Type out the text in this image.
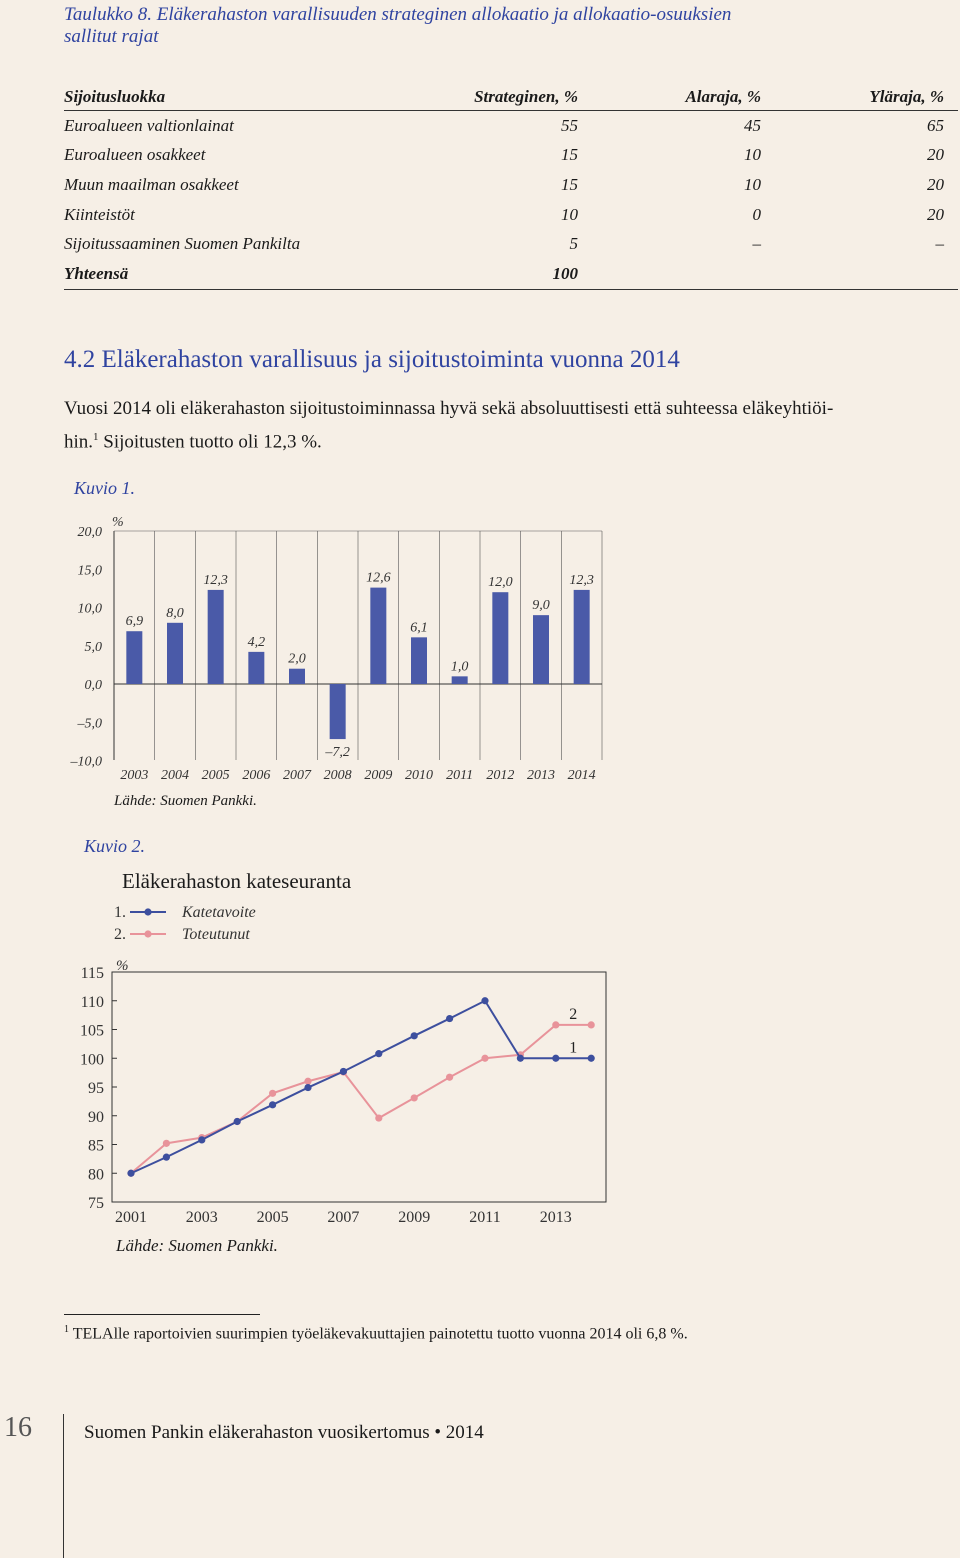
Taulukko 8. Eläkerahaston varallisuuden strateginen allokaatio ja allokaatio-osuuksien sallitut rajat
Sijoitusluokka	Strateginen, %	Alaraja, %	Yläraja, %
Euroalueen valtionlainat	55	45	65
Euroalueen osakkeet	15	10	20
Muun maailman osakkeet	15	10	20
Kiinteistöt	10	0	20
Sijoitussaaminen Suomen Pankilta	5	–	–
Yhteensä	100		
4.2 Eläkerahaston varallisuus ja sijoitustoiminta vuonna 2014
Vuosi 2014 oli eläkerahaston sijoitustoiminnassa hyvä sekä absoluuttisesti että suhteessa eläkeyhtiöi-
hin.$^1$ Sijoitusten tuotto oli 12,3 %.
Kuvio 1.
20,0
15,0
10,0
5,0
0,0
–5,0
–10,0
6,9
8,0
12,3
4,2
2,0
–7,2
12,6
6,1
1,0
12,0
9,0
12,3
2003 2004 2005 2006 2007 2008 2009 2010 2011 2012 2013 2014
%
Lähde: Suomen Pankki.
Kuvio 2.
Eläkerahaston kateseuranta
1.	Katetavoite
2.	Toteutunut
%
115
110
105
100
95
90
85
80
75
2001 2003 2005 2007 2009 2011 2013
2
1
Lähde: Suomen Pankki.
$^1$ TELAlle raportoivien suurimpien työeläkevakuuttajien painotettu tuotto vuonna 2014 oli 6,8 %.
16	Suomen Pankin eläkerahaston vuosikertomus • 2014
